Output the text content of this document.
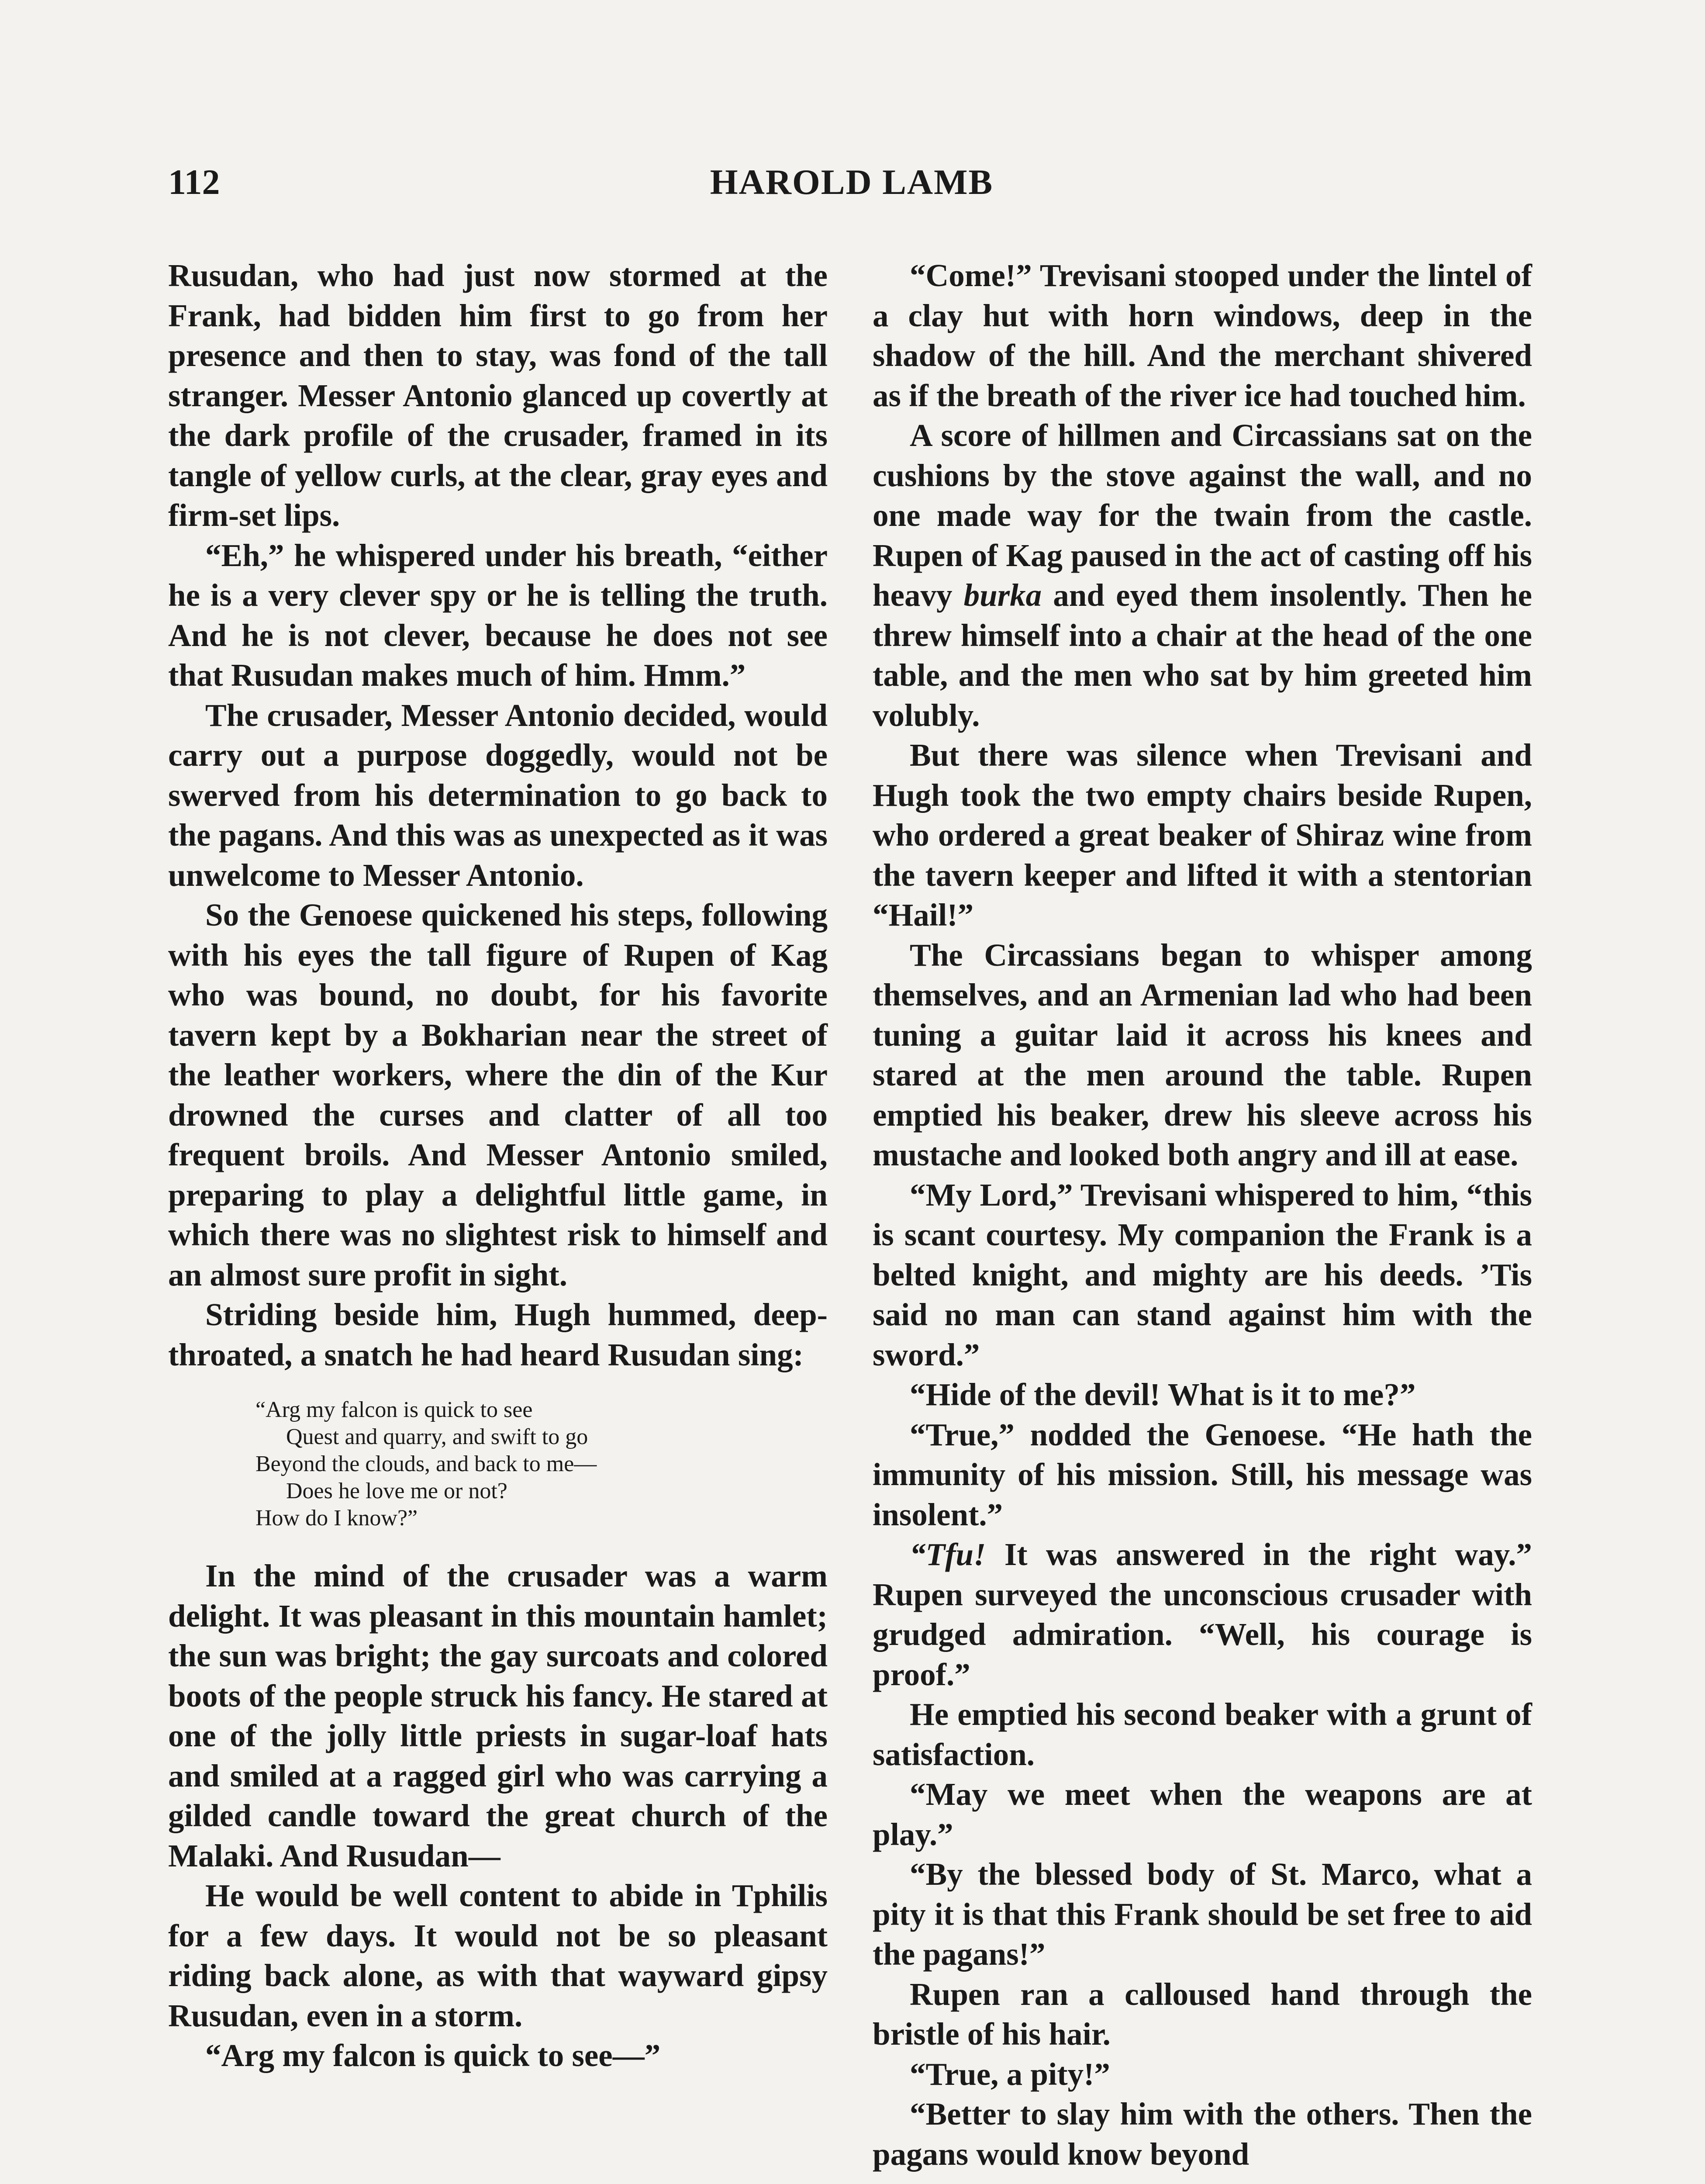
112	HAROLD LAMB

Rusudan, who had just now stormed at the Frank, had bidden him first to go from her presence and then to stay, was fond of the tall stranger. Messer Antonio glanced up covertly at the dark profile of the crusader, framed in its tangle of yellow curls, at the clear, gray eyes and firm-set lips.

“Eh,” he whispered under his breath, “either he is a very clever spy or he is telling the truth. And he is not clever, because he does not see that Rusudan makes much of him. Hmm.”

The crusader, Messer Antonio decided, would carry out a purpose doggedly, would not be swerved from his determination to go back to the pagans. And this was as unexpected as it was unwelcome to Messer Antonio.

So the Genoese quickened his steps, following with his eyes the tall figure of Rupen of Kag who was bound, no doubt, for his favorite tavern kept by a Bokharian near the street of the leather workers, where the din of the Kur drowned the curses and clatter of all too frequent broils. And Messer Antonio smiled, preparing to play a delightful little game, in which there was no slightest risk to himself and an almost sure profit in sight.

Striding beside him, Hugh hummed, deep-throated, a snatch he had heard Rusudan sing:

“Arg my falcon is quick to see
Quest and quarry, and swift to go
Beyond the clouds, and back to me—
Does he love me or not?
How do I know?”

In the mind of the crusader was a warm delight. It was pleasant in this mountain hamlet; the sun was bright; the gay surcoats and colored boots of the people struck his fancy. He stared at one of the jolly little priests in sugar-loaf hats and smiled at a ragged girl who was carrying a gilded candle toward the great church of the Malaki. And Rusudan—

He would be well content to abide in Tphilis for a few days. It would not be so pleasant riding back alone, as with that wayward gipsy Rusudan, even in a storm.

“Arg my falcon is quick to see—”

“Come!” Trevisani stooped under the lintel of a clay hut with horn windows, deep in the shadow of the hill. And the merchant shivered as if the breath of the river ice had touched him.

A score of hillmen and Circassians sat on the cushions by the stove against the wall, and no one made way for the twain from the castle. Rupen of Kag paused in the act of casting off his heavy burka and eyed them insolently. Then he threw himself into a chair at the head of the one table, and the men who sat by him greeted him volubly.

But there was silence when Trevisani and Hugh took the two empty chairs beside Rupen, who ordered a great beaker of Shiraz wine from the tavern keeper and lifted it with a stentorian “Hail!”

The Circassians began to whisper among themselves, and an Armenian lad who had been tuning a guitar laid it across his knees and stared at the men around the table. Rupen emptied his beaker, drew his sleeve across his mustache and looked both angry and ill at ease.

“My Lord,” Trevisani whispered to him, “this is scant courtesy. My companion the Frank is a belted knight, and mighty are his deeds. ’Tis said no man can stand against him with the sword.”

“Hide of the devil! What is it to me?”

“True,” nodded the Genoese. “He hath the immunity of his mission. Still, his message was insolent.”

“Tfu! It was answered in the right way.” Rupen surveyed the unconscious crusader with grudged admiration. “Well, his courage is proof.”

He emptied his second beaker with a grunt of satisfaction.

“May we meet when the weapons are at play.”

“By the blessed body of St. Marco, what a pity it is that this Frank should be set free to aid the pagans!”

Rupen ran a calloused hand through the bristle of his hair.

“True, a pity!”

“Better to slay him with the others. Then the pagans would know beyond
